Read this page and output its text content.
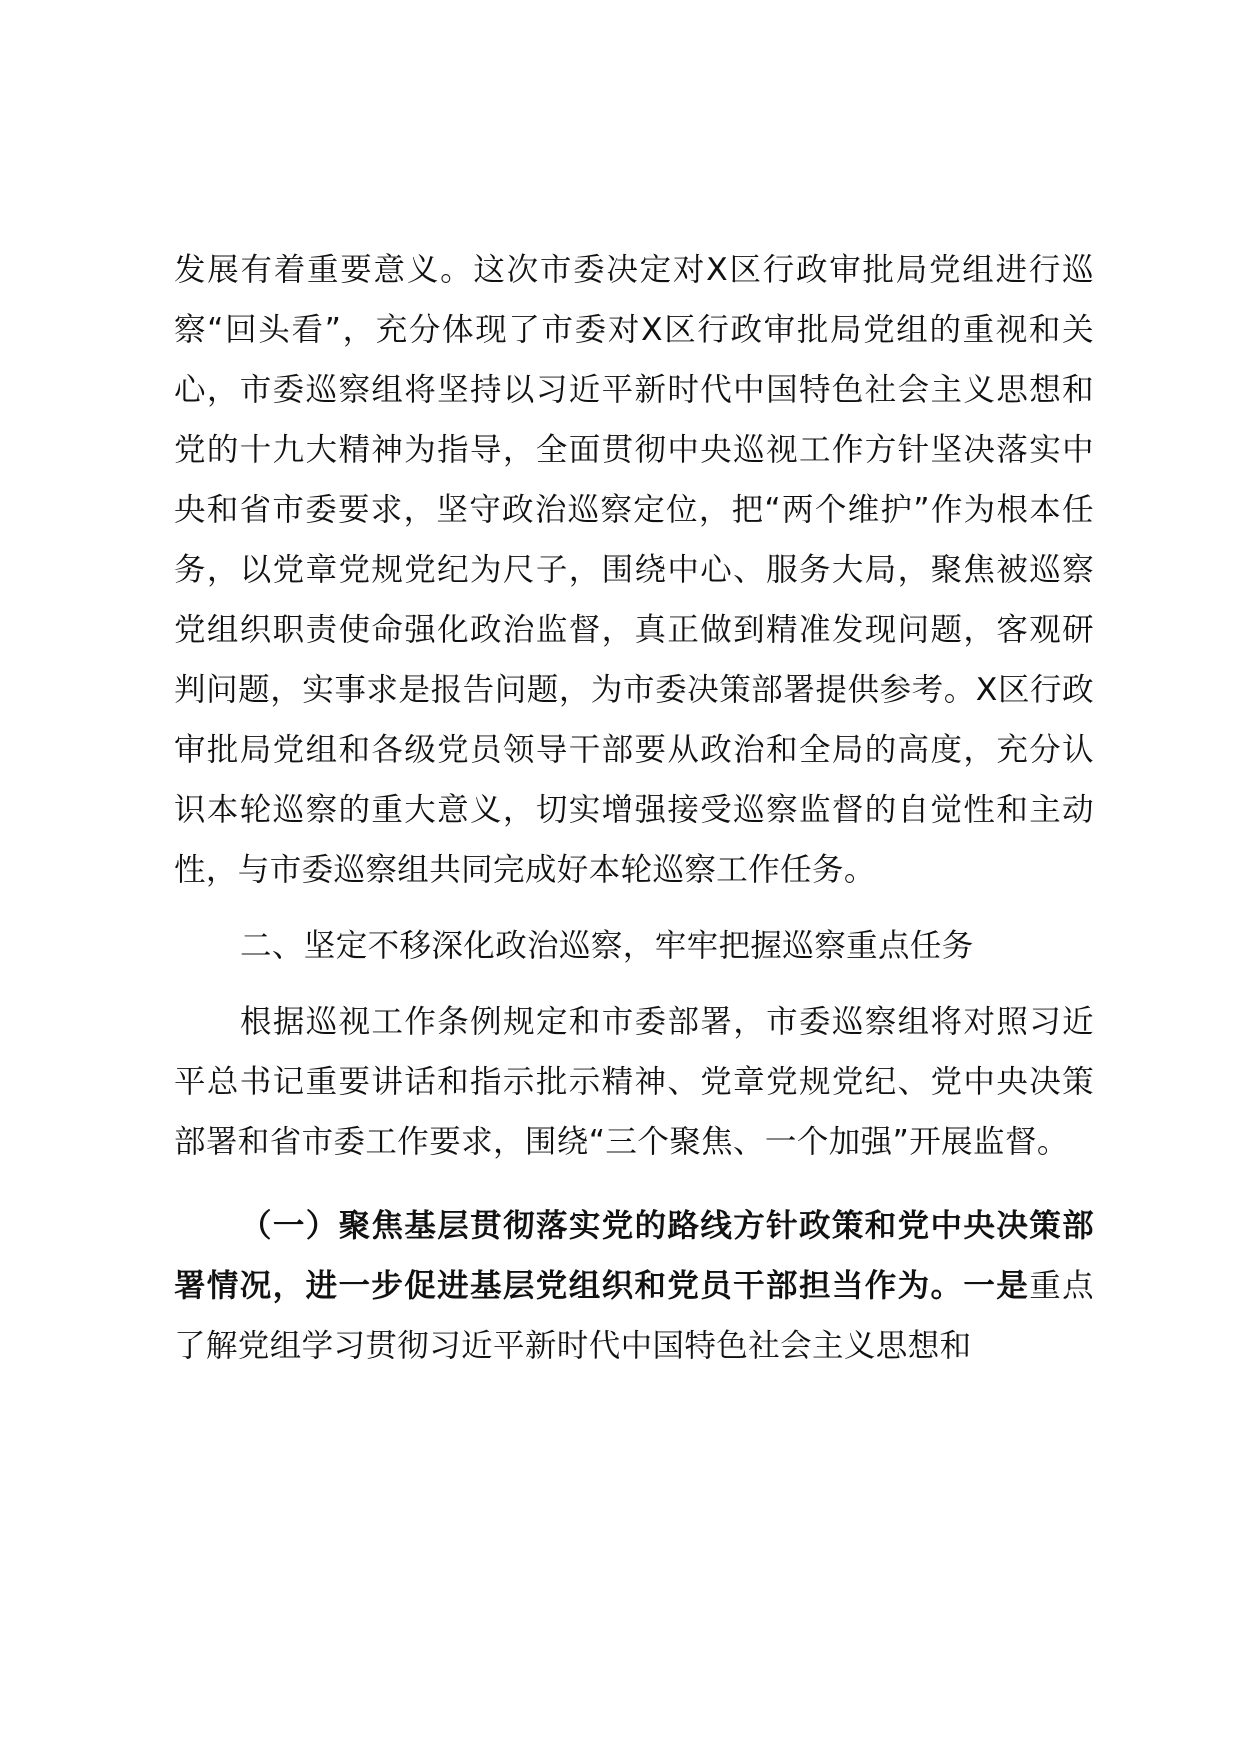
发展有着重要意义。这次市委决定对X区行政审批局党组进行巡察“回头看”，充分体现了市委对X区行政审批局党组的重视和关心，市委巡察组将坚持以习近平新时代中国特色社会主义思想和党的十九大精神为指导，全面贯彻中央巡视工作方针坚决落实中央和省市委要求，坚守政治巡察定位，把“两个维护”作为根本任务，以党章党规党纪为尺子，围绕中心、服务大局，聚焦被巡察党组织职责使命强化政治监督，真正做到精准发现问题，客观研判问题，实事求是报告问题，为市委决策部署提供参考。X区行政审批局党组和各级党员领导干部要从政治和全局的高度，充分认识本轮巡察的重大意义，切实增强接受巡察监督的自觉性和主动性，与市委巡察组共同完成好本轮巡察工作任务。

二、坚定不移深化政治巡察，牢牢把握巡察重点任务

根据巡视工作条例规定和市委部署，市委巡察组将对照习近平总书记重要讲话和指示批示精神、党章党规党纪、党中央决策部署和省市委工作要求，围绕“三个聚焦、一个加强”开展监督。

（一）聚焦基层贯彻落实党的路线方针政策和党中央决策部署情况，进一步促进基层党组织和党员干部担当作为。一是重点了解党组学习贯彻习近平新时代中国特色社会主义思想和
